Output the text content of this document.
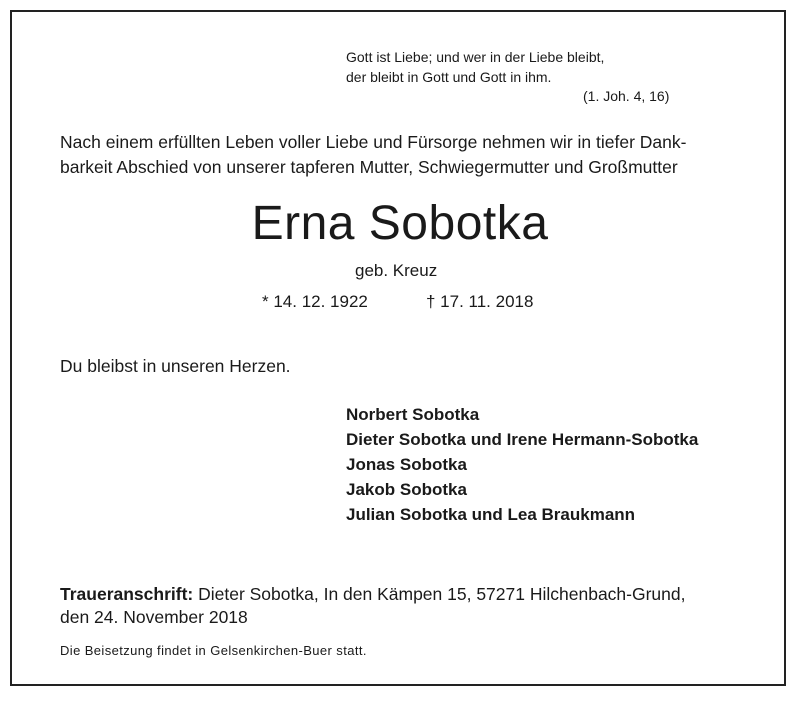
Gott ist Liebe; und wer in der Liebe bleibt,
der bleibt in Gott und Gott in ihm.
(1. Joh. 4, 16)
Nach einem erfüllten Leben voller Liebe und Fürsorge nehmen wir in tiefer Dank-
barkeit Abschied von unserer tapferen Mutter, Schwiegermutter und Großmutter
Erna Sobotka
geb. Kreuz
* 14. 12. 1922	† 17. 11. 2018
Du bleibst in unseren Herzen.
Norbert Sobotka
Dieter Sobotka und Irene Hermann-Sobotka
Jonas Sobotka
Jakob Sobotka
Julian Sobotka und Lea Braukmann
Traueranschrift: Dieter Sobotka, In den Kämpen 15, 57271 Hilchenbach-Grund,
den 24. November 2018
Die Beisetzung findet in Gelsenkirchen-Buer statt.
